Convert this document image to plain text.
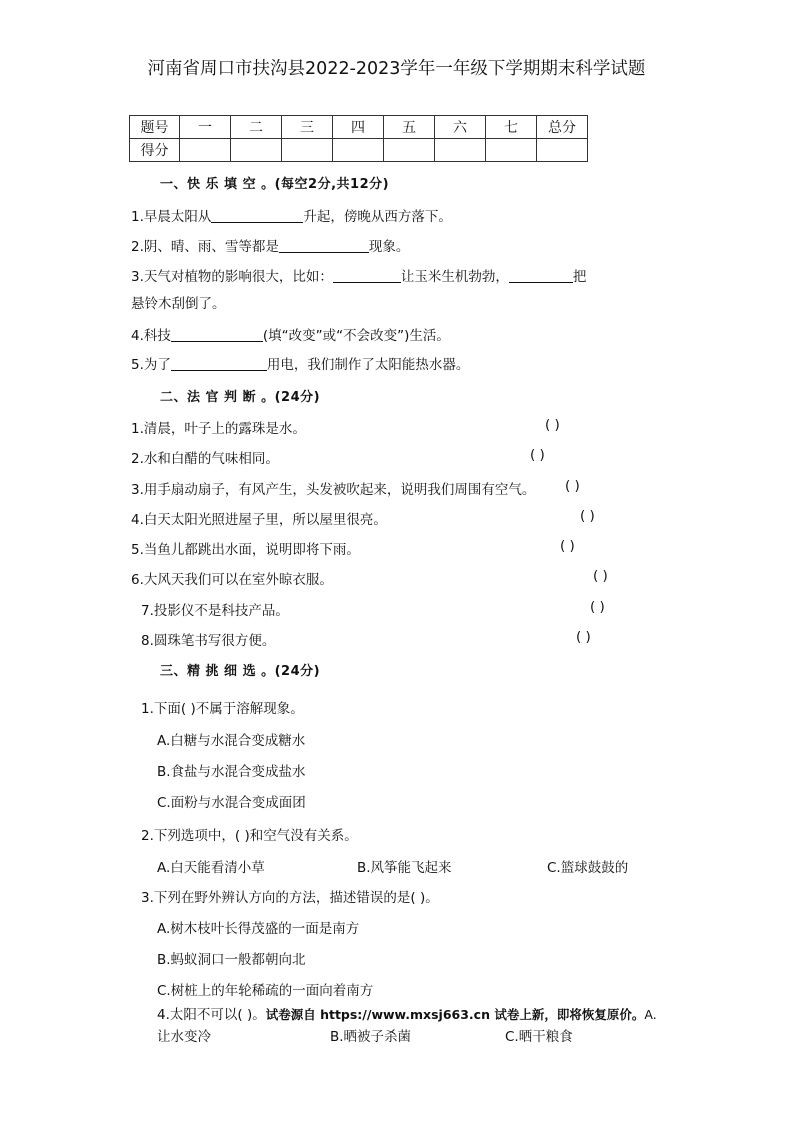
河南省周口市扶沟县2022-2023学年一年级下学期期末科学试题
题号	一	二	三	四	五	六	七	总分
得分								
一、快 乐 填 空 。(每空2分,共12分)
1.早晨太阳从	升起，傍晚从西方落下。
2.阴、晴、雨、雪等都是	现象。
3.天气对植物的影响很大，比如：	让玉米生机勃勃，	把
悬铃木刮倒了。
4.科技	(填“改变”或“不会改变”)生活。
5.为了	用电，我们制作了太阳能热水器。
二、法 官 判 断 。(24分)
1.清晨，叶子上的露珠是水。	( )
2.水和白醋的气味相同。	( )
3.用手扇动扇子，有风产生，头发被吹起来，说明我们周围有空气。 ( )
4.白天太阳光照进屋子里，所以屋里很亮。	( )
5.当鱼儿都跳出水面，说明即将下雨。	( )
6.大风天我们可以在室外晾衣服。	( )
7.投影仪不是科技产品。	( )
8.圆珠笔书写很方便。	( )
三、精 挑 细 选 。(24分)
1.下面( )不属于溶解现象。
A.白糖与水混合变成糖水
B.食盐与水混合变成盐水
C.面粉与水混合变成面团
2.下列选项中，( )和空气没有关系。
A.白天能看清小草	B.风筝能飞起来	C.篮球鼓鼓的
3.下列在野外辨认方向的方法，描述错误的是( )。
A.树木枝叶长得茂盛的一面是南方
B.蚂蚁洞口一般都朝向北
C.树桩上的年轮稀疏的一面向着南方
4.太阳不可以( )。试卷源自 https://www.mxsj663.cn 试卷上新，即将恢复原价。A.
让水变冷	B.晒被子杀菌	C.晒干粮食
